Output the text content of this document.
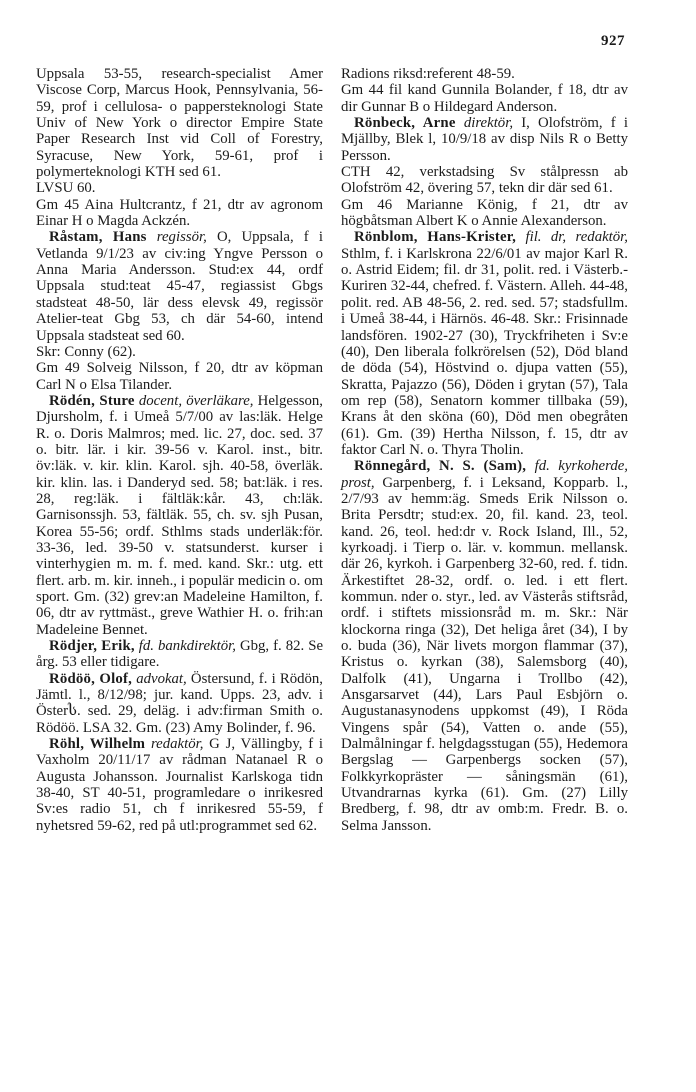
927

Uppsala 53-55, research-specialist Amer Viscose Corp, Marcus Hook, Pennsylvania, 56-59, prof i cellulosa- o pappersteknologi State Univ of New York o director Empire State Paper Research Inst vid Coll of Forestry, Syracuse, New York, 59-61, prof i polymerteknologi KTH sed 61.

LVSU 60.

Gm 45 Aina Hultcrantz, f 21, dtr av agronom Einar H o Magda Ackzén.

Råstam, Hans regissör, O, Uppsala, f i Vetlanda 9/1/23 av civ:ing Yngve Persson o Anna Maria Andersson. Stud:ex 44, ordf Uppsala stud:teat 45-47, regiassist Gbgs stadsteat 48-50, lär dess elevsk 49, regissör Atelier-teat Gbg 53, ch där 54-60, intend Uppsala stadsteat sed 60.

Skr: Conny (62).

Gm 49 Solveig Nilsson, f 20, dtr av köpman Carl N o Elsa Tilander.

Rödén, Sture docent, överläkare, Helgesson, Djursholm, f. i Umeå 5/7/00 av las:läk. Helge R. o. Doris Malmros; med. lic. 27, doc. sed. 37 o. bitr. lär. i kir. 39-56 v. Karol. inst., bitr. öv:läk. v. kir. klin. Karol. sjh. 40-58, överläk. kir. klin. las. i Danderyd sed. 58; bat:läk. i res. 28, reg:läk. i fältläk:kår. 43, ch:läk. Garnisonssjh. 53, fältläk. 55, ch. sv. sjh Pusan, Korea 55-56; ordf. Sthlms stads underläk:för. 33-36, led. 39-50 v. statsunderst. kurser i vinterhygien m. m. f. med. kand. Skr.: utg. ett flert. arb. m. kir. inneh., i populär medicin o. om sport. Gm. (32) grev:an Madeleine Hamilton, f. 06, dtr av ryttmäst., greve Wathier H. o. frih:an Madeleine Bennet.

Rödjer, Erik, fd. bankdirektör, Gbg, f. 82. Se årg. 53 eller tidigare.

Rödöö, Olof, advokat, Östersund, f. i Rödön, Jämtl. l., 8/12/98; jur. kand. Upps. 23, adv. i Österს. sed. 29, deläg. i adv:firman Smith o. Rödöö. LSA 32. Gm. (23) Amy Bolinder, f. 96.

Röhl, Wilhelm redaktör, G J, Vällingby, f i Vaxholm 20/11/17 av rådman Natanael R o Augusta Johansson. Journalist Karlskoga tidn 38-40, ST 40-51, programledare o inrikesred Sv:es radio 51, ch f inrikesred 55-59, f nyhetsred 59-62, red på utl:programmet sed 62.

Radions riksd:referent 48-59.

Gm 44 fil kand Gunnila Bolander, f 18, dtr av dir Gunnar B o Hildegard Anderson.

Rönbeck, Arne direktör, I, Olofström, f i Mjällby, Blek l, 10/9/18 av disp Nils R o Betty Persson.

CTH 42, verkstadsing Sv stålpressn ab Olofström 42, övering 57, tekn dir där sed 61.

Gm 46 Marianne König, f 21, dtr av högbåtsman Albert K o Annie Alexanderson.

Rönblom, Hans-Krister, fil. dr, redaktör, Sthlm, f. i Karlskrona 22/6/01 av major Karl R. o. Astrid Eidem; fil. dr 31, polit. red. i Västerb.-Kuriren 32-44, chefred. f. Västern. Alleh. 44-48, polit. red. AB 48-56, 2. red. sed. 57; stadsfullm. i Umeå 38-44, i Härnös. 46-48. Skr.: Frisinnade landsfören. 1902-27 (30), Tryckfriheten i Sv:e (40), Den liberala folkrörelsen (52), Död bland de döda (54), Höstvind o. djupa vatten (55), Skratta, Pajazzo (56), Döden i grytan (57), Tala om rep (58), Senatorn kommer tillbaka (59), Krans åt den sköna (60), Död men obegråten (61). Gm. (39) Hertha Nilsson, f. 15, dtr av faktor Carl N. o. Thyra Tholin.

Rönnegård, N. S. (Sam), fd. kyrkoherde, prost, Garpenberg, f. i Leksand, Kopparb. l., 2/7/93 av hemm:äg. Smeds Erik Nilsson o. Brita Persdtr; stud:ex. 20, fil. kand. 23, teol. kand. 26, teol. hed:dr v. Rock Island, Ill., 52, kyrkoadj. i Tierp o. lär. v. kommun. mellansk. där 26, kyrkoh. i Garpenberg 32-60, red. f. tidn. Ärkestiftet 28-32, ordf. o. led. i ett flert. kommun. nder o. styr., led. av Västerås stiftsråd, ordf. i stiftets missionsråd m. m. Skr.: När klockorna ringa (32), Det heliga året (34), I by o. buda (36), När livets morgon flammar (37), Kristus o. kyrkan (38), Salemsborg (40), Dalfolk (41), Ungarna i Trollbo (42), Ansgarsarvet (44), Lars Paul Esbjörn o. Augustanasynodens uppkomst (49), I Röda Vingens spår (54), Vatten o. ande (55), Dalmålningar f. helgdagsstugan (55), Hedemora Bergslag — Garpenbergs socken (57), Folkkyrkopräster — såningsmän (61), Utvandrarnas kyrka (61). Gm. (27) Lilly Bredberg, f. 98, dtr av omb:m. Fredr. B. o. Selma Jansson.
